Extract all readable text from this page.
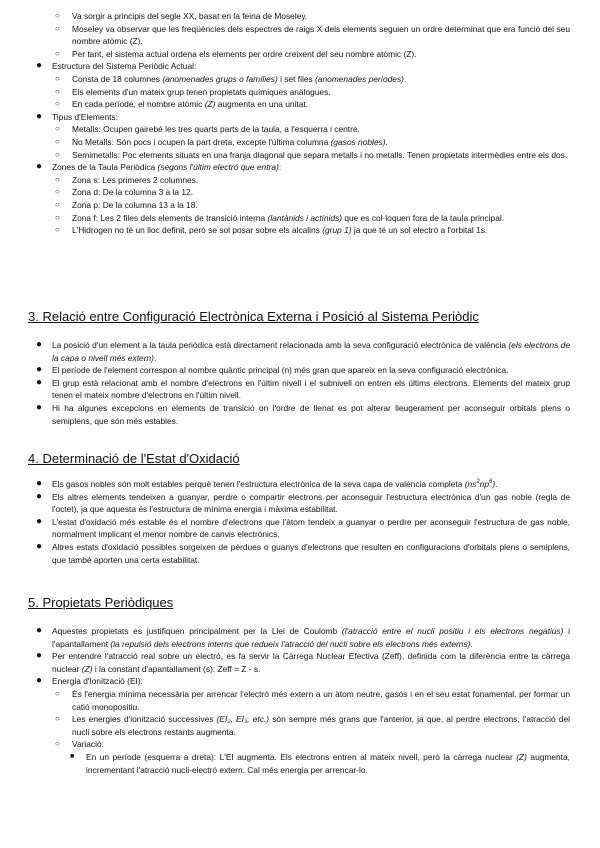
○ Va sorgir a principis del segle XX, basat en la feina de Moseley.
○ Moseley va observar que les freqüències dels espectres de raigs X dels elements seguien un ordre determinat que era funció del seu nombre atòmic (Z).
○ Per tant, el sistema actual ordena els elements per ordre creixent del seu nombre atòmic (Z).
● Estructura del Sistema Periòdic Actual:
○ Consta de 18 columnes (anomenades grups o famílies) i set files (anomenades períodes).
○ Els elements d'un mateix grup tenen propietats químiques anàlogues.
○ En cada període, el nombre atòmic (Z) augmenta en una unitat.
● Tipus d'Elements:
○ Metalls: Ocupen gairebé les tres quarts parts de la taula, a l'esquerra i centre.
○ No Metalls: Són pocs i ocupen la part dreta, excepte l'última columna (gasos nobles).
○ Semimetalls: Poc elements situats en una franja diagonal que separa metalls i no metalls. Tenen propietats intermèdies entre els dos.
● Zones de la Taula Periòdica (segons l'últim electró que entra):
○ Zona s: Les primeres 2 columnes.
○ Zona d: De la columna 3 a la 12.
○ Zona p: De la columna 13 a la 18.
○ Zona f: Les 2 files dels elements de transició interna (lantànids i actínids) que es col·loquen fora de la taula principal.
○ L'Hidrogen no té un lloc definit, però se sol posar sobre els alcalins (grup 1) ja que té un sol electró a l'orbital 1s.
3. Relació entre Configuració Electrònica Externa i Posició al Sistema Periòdic
● La posició d'un element a la taula periòdica està directament relacionada amb la seva configuració electrònica de valència (els electrons de la capa o nivell més extern).
● El període de l'element correspon al nombre quàntic principal (n) més gran que apareix en la seva configuració electrònica.
● El grup està relacionat amb el nombre d'electrons en l'últim nivell i el subnivell on entren els últims electrons. Elements del mateix grup tenen el mateix nombre d'electrons en l'últim nivell.
● Hi ha algunes excepcions en elements de transició on l'ordre de llenat es pot alterar lleugerament per aconseguir orbitals plens o semiplens, que són més estables.
4. Determinació de l'Estat d'Oxidació
● Els gasos nobles són molt estables perquè tenen l'estructura electrònica de la seva capa de valència completa $(ns^2np^6)$.
● Els altres elements tendeixen a guanyar, perdre o compartir electrons per aconseguir l'estructura electrònica d'un gas noble (regla de l'octet), ja que aquesta és l'estructura de mínima energia i màxima estabilitat.
● L'estat d'oxidació més estable és el nombre d'electrons que l'àtom tendeix a guanyar o perdre per aconseguir l'estructura de gas noble, normalment implicant el menor nombre de canvis electrònics.
● Altres estats d'oxidació possibles sorgeixen de pèrdues o guanys d'electrons que resulten en configuracions d'orbitals plens o semiplens, que també aporten una certa estabilitat.
5. Propietats Periòdiques
● Aquestes propietats es justifiquen principalment per la Llei de Coulomb (l'atracció entre el nucli positiu i els electrons negatius) i l'apantallament (la repulsió dels electrons interns que redueix l'atracció del nucli sobre els electrons més externs).
● Per entendre l'atracció real sobre un electró, es fa servir la Càrrega Nuclear Efectiva (Zeff), definida com la diferència entre la càrrega nuclear (Z) i la constant d'apantallament (s): Zeff = Z - s.
● Energia d'Ionització (EI):
○ És l'energia mínima necessària per arrencar l'electró més extern a un àtom neutre, gasós i en el seu estat fonamental, per formar un catió monopositiu.
○ Les energies d'ionització successives (EI₂, EI₃, etc.) són sempre més grans que l'anterior, ja que, al perdre electrons, l'atracció del nucli sobre els electrons restants augmenta.
○ Variació:
■ En un període (esquerra a dreta): L'EI augmenta. Els electrons entren al mateix nivell, però la càrrega nuclear (Z) augmenta, incrementant l'atracció nucli-electró extern. Cal més energia per arrencar-lo.
